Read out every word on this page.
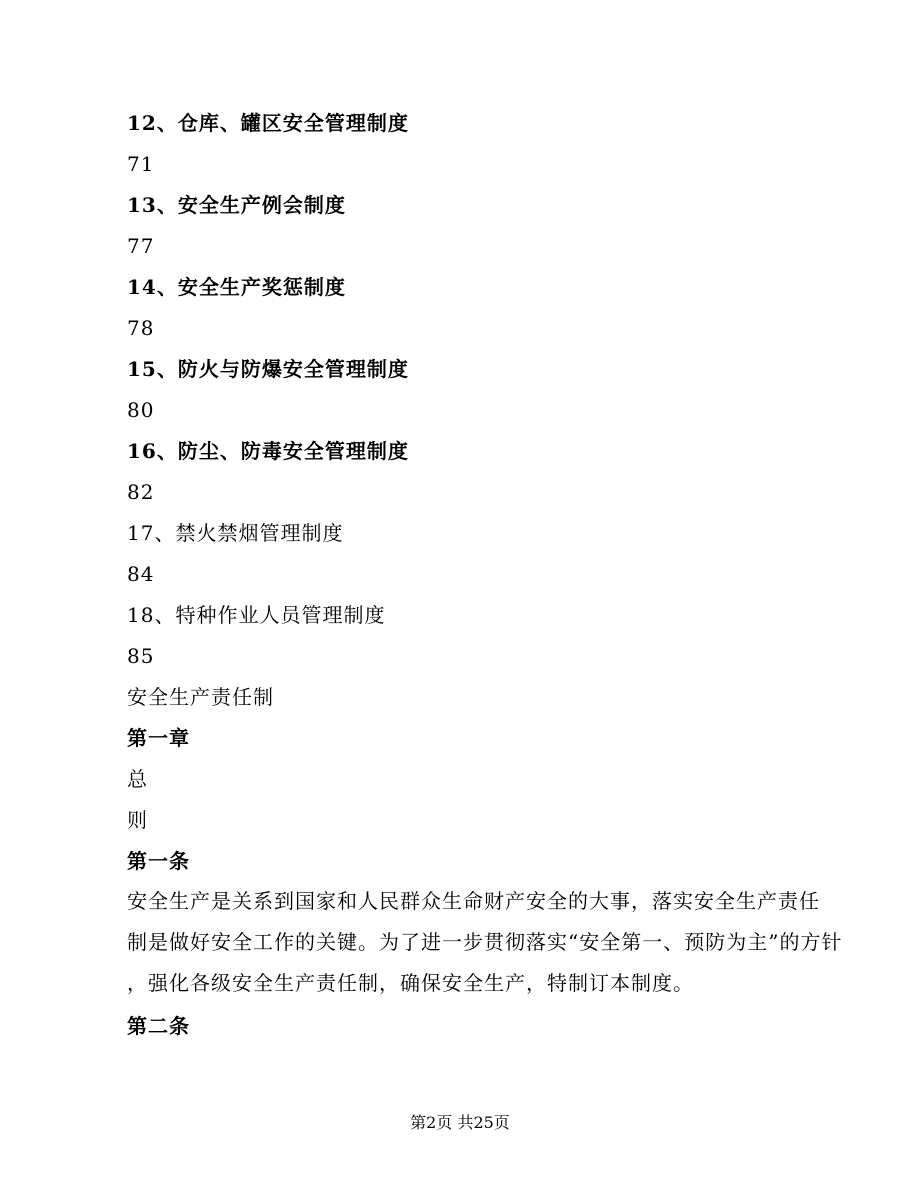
12、仓库、罐区安全管理制度
71
13、安全生产例会制度
77
14、安全生产奖惩制度
78
15、防火与防爆安全管理制度
80
16、防尘、防毒安全管理制度
82
17、禁火禁烟管理制度
84
18、特种作业人员管理制度
85
安全生产责任制
第一章
总
则
第一条
安全生产是关系到国家和人民群众生命财产安全的大事，落实安全生产责任
制是做好安全工作的关键。为了进一步贯彻落实“安全第一、预防为主”的方针
，强化各级安全生产责任制，确保安全生产，特制订本制度。
第二条
第2页 共25页
